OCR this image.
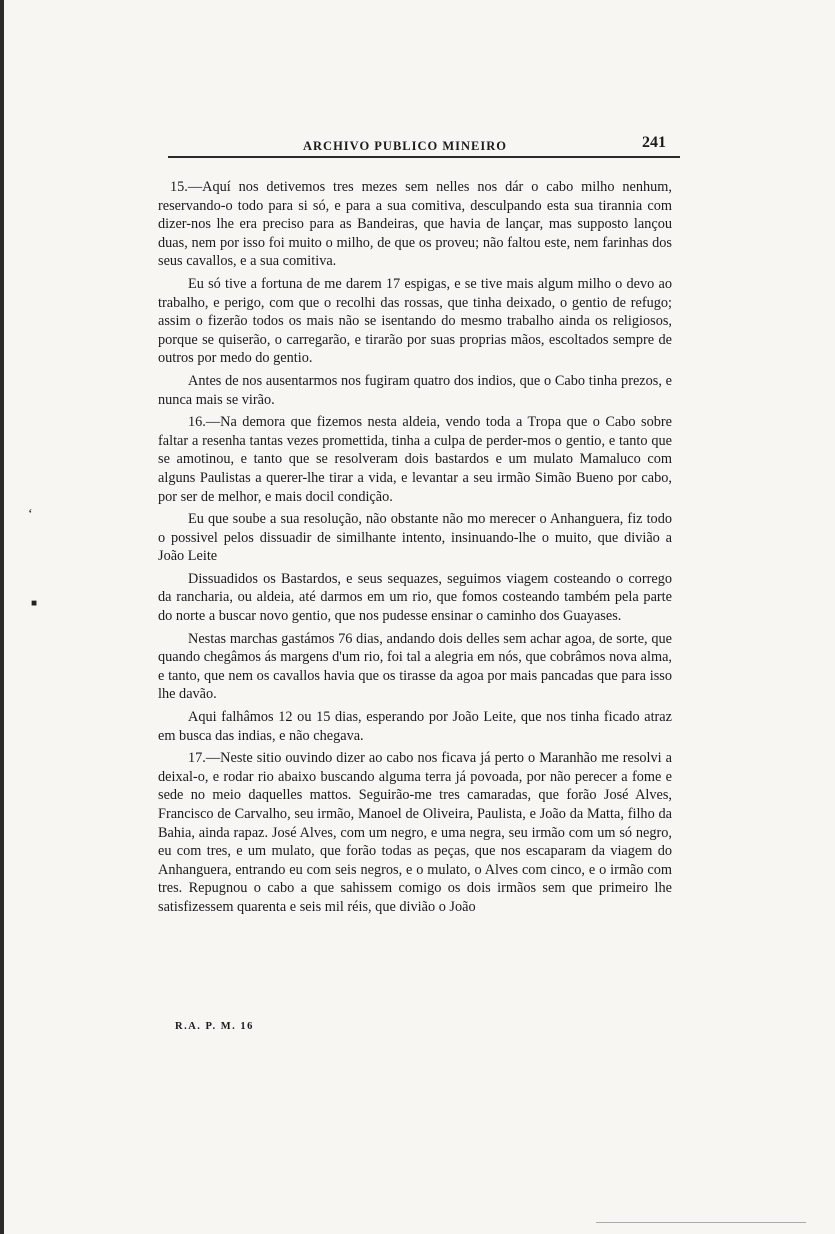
ARCHIVO PUBLICO MINEIRO	241

15.—Aquí nos detivemos tres mezes sem nelles nos dár o cabo milho nenhum, reservando-o todo para si só, e para a sua comitiva, desculpando esta sua tirannia com dizer-nos lhe era preciso para as Bandeiras, que havia de lançar, mas supposto lançou duas, nem por isso foi muito o milho, de que os proveu; não faltou este, nem farinhas dos seus cavallos, e a sua comitiva.

Eu só tive a fortuna de me darem 17 espigas, e se tive mais algum milho o devo ao trabalho, e perigo, com que o recolhi das rossas, que tinha deixado, o gentio de refugo; assim o fizerão todos os mais não se isentando do mesmo trabalho ainda os religiosos, porque se quiserão, o carregarão, e tirarão por suas proprias mãos, escoltados sempre de outros por medo do gentio.

Antes de nos ausentarmos nos fugiram quatro dos indios, que o Cabo tinha prezos, e nunca mais se virão.

16.—Na demora que fizemos nesta aldeia, vendo toda a Tropa que o Cabo sobre faltar a resenha tantas vezes promettida, tinha a culpa de perder-mos o gentio, e tanto que se amotinou, e tanto que se resolveram dois bastardos e um mulato Mamaluco com alguns Paulistas a querer-lhe tirar a vida, e levantar a seu irmão Simão Bueno por cabo, por ser de melhor, e mais docil condição.

Eu que soube a sua resolução, não obstante não mo merecer o Anhanguera, fiz todo o possivel pelos dissuadir de similhante intento, insinuando-lhe o muito, que divião a João Leite

Dissuadidos os Bastardos, e seus sequazes, seguimos viagem costeando o corrego da rancharia, ou aldeia, até darmos em um rio, que fomos costeando também pela parte do norte a buscar novo gentio, que nos pudesse ensinar o caminho dos Guayases.

Nestas marchas gastámos 76 dias, andando dois delles sem achar agoa, de sorte, que quando chegâmos ás margens d'um rio, foi tal a alegria em nós, que cobrâmos nova alma, e tanto, que nem os cavallos havia que os tirasse da agoa por mais pancadas que para isso lhe davão.

Aqui falhâmos 12 ou 15 dias, esperando por João Leite, que nos tinha ficado atraz em busca das indias, e não chegava.

17.—Neste sitio ouvindo dizer ao cabo nos ficava já perto o Maranhão me resolvi a deixal-o, e rodar rio abaixo buscando alguma terra já povoada, por não perecer a fome e sede no meio daquelles mattos. Seguirão-me tres camaradas, que forão José Alves, Francisco de Carvalho, seu irmão, Manoel de Oliveira, Paulista, e João da Matta, filho da Bahia, ainda rapaz. José Alves, com um negro, e uma negra, seu irmão com um só negro, eu com tres, e um mulato, que forão todas as peças, que nos escaparam da viagem do Anhanguera, entrando eu com seis negros, e o mulato, o Alves com cinco, e o irmão com tres. Repugnou o cabo a que sahissem comigo os dois irmãos sem que primeiro lhe satisfizessem quarenta e seis mil réis, que divião o João

R.A. P. M. 16
‘
■
